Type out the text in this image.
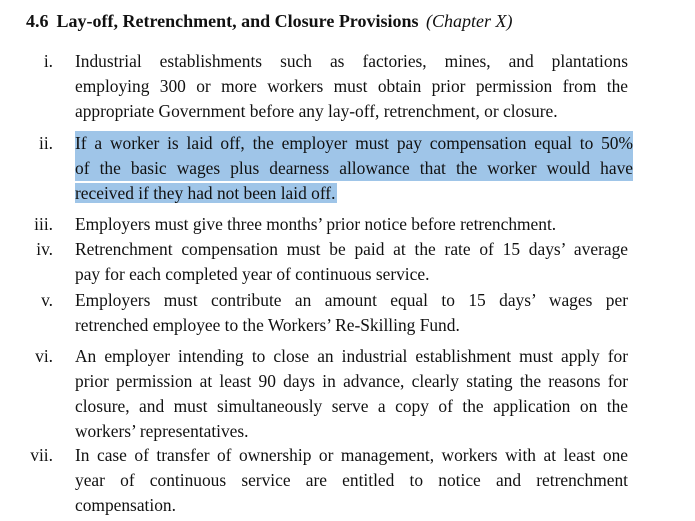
4.6 Lay-off, Retrenchment, and Closure Provisions (Chapter X)
i. Industrial establishments such as factories, mines, and plantations
employing 300 or more workers must obtain prior permission from the
appropriate Government before any lay-off, retrenchment, or closure.
ii. If a worker is laid off, the employer must pay compensation equal to 50%
of the basic wages plus dearness allowance that the worker would have
received if they had not been laid off.
iii. Employers must give three months’ prior notice before retrenchment.
iv. Retrenchment compensation must be paid at the rate of 15 days’ average
pay for each completed year of continuous service.
v. Employers must contribute an amount equal to 15 days’ wages per
retrenched employee to the Workers’ Re-Skilling Fund.
vi. An employer intending to close an industrial establishment must apply for
prior permission at least 90 days in advance, clearly stating the reasons for
closure, and must simultaneously serve a copy of the application on the
workers’ representatives.
vii. In case of transfer of ownership or management, workers with at least one
year of continuous service are entitled to notice and retrenchment
compensation.
